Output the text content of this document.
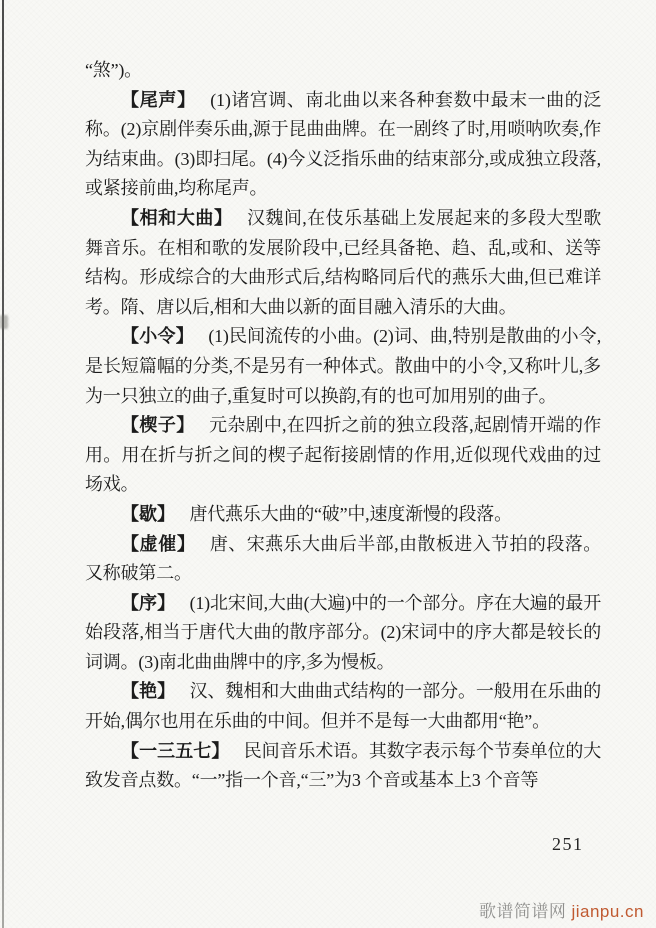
“煞”)。

【尾声】 (1)诸宫调、南北曲以来各种套数中最末一曲的泛称。(2)京剧伴奏乐曲,源于昆曲曲牌。在一剧终了时,用唢呐吹奏,作为结束曲。(3)即扫尾。(4)今义泛指乐曲的结束部分,或成独立段落,或紧接前曲,均称尾声。

【相和大曲】 汉魏间,在伎乐基础上发展起来的多段大型歌舞音乐。在相和歌的发展阶段中,已经具备艳、趋、乱,或和、送等结构。形成综合的大曲形式后,结构略同后代的燕乐大曲,但已难详考。隋、唐以后,相和大曲以新的面目融入清乐的大曲。

【小令】 (1)民间流传的小曲。(2)词、曲,特别是散曲的小令,是长短篇幅的分类,不是另有一种体式。散曲中的小令,又称叶儿,多为一只独立的曲子,重复时可以换韵,有的也可加用别的曲子。

【楔子】 元杂剧中,在四折之前的独立段落,起剧情开端的作用。用在折与折之间的楔子起衔接剧情的作用,近似现代戏曲的过场戏。

【歇】 唐代燕乐大曲的“破”中,速度渐慢的段落。

【虚催】 唐、宋燕乐大曲后半部,由散板进入节拍的段落。又称破第二。

【序】 (1)北宋间,大曲(大遍)中的一个部分。序在大遍的最开始段落,相当于唐代大曲的散序部分。(2)宋词中的序大都是较长的词调。(3)南北曲曲牌中的序,多为慢板。

【艳】 汉、魏相和大曲曲式结构的一部分。一般用在乐曲的开始,偶尔也用在乐曲的中间。但并不是每一大曲都用“艳”。

【一三五七】 民间音乐术语。其数字表示每个节奏单位的大致发音点数。“一”指一个音,“三”为3 个音或基本上3 个音等

251
歌谱简谱网 jianpu.cn
